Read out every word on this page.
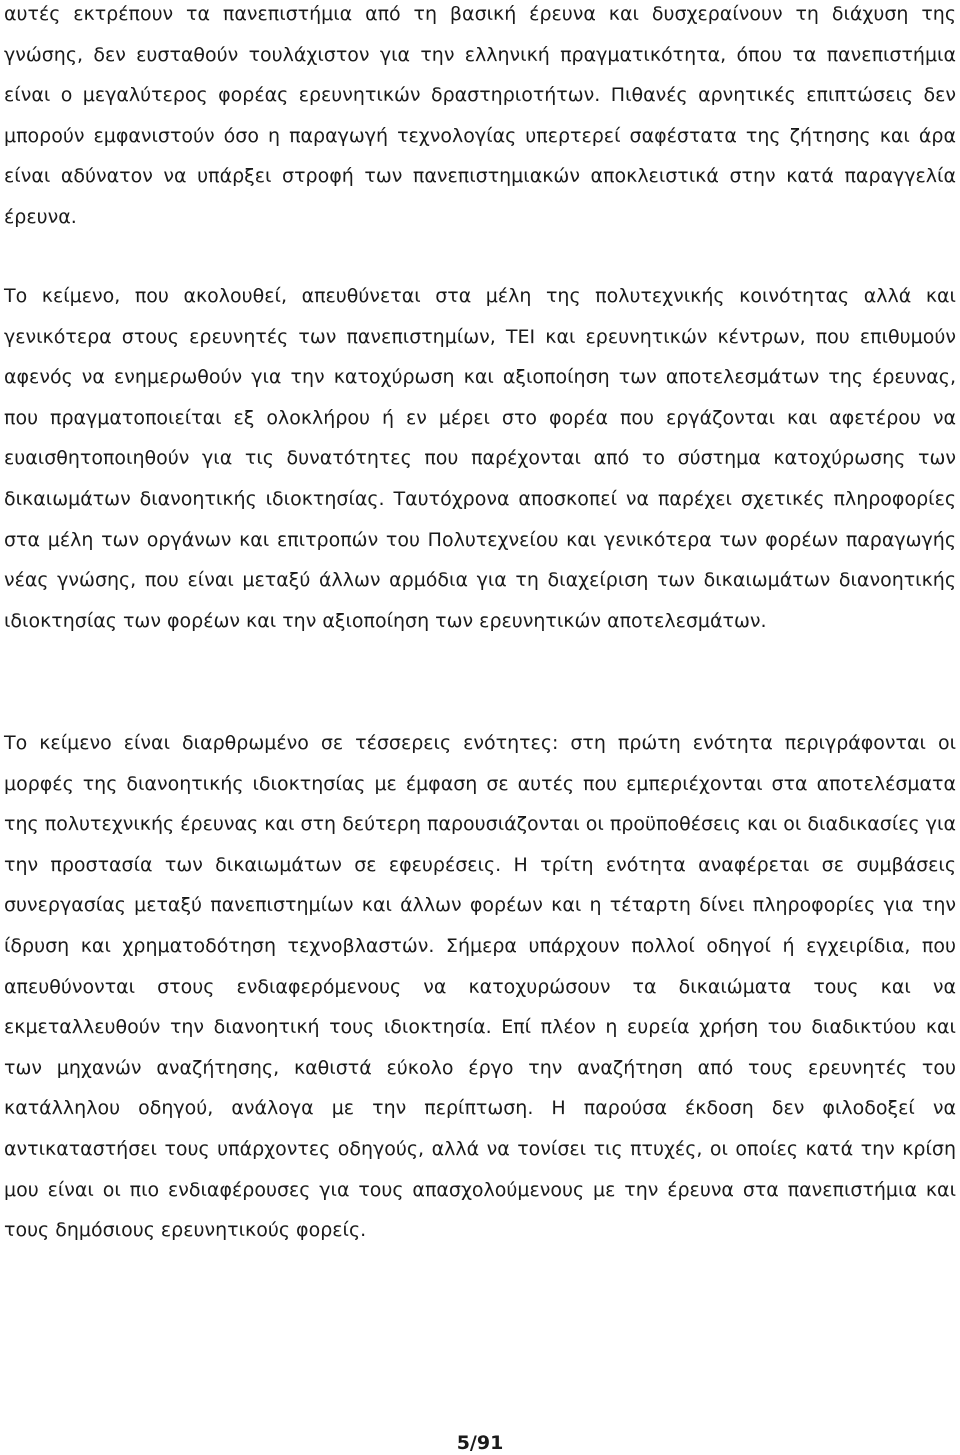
αυτές εκτρέπουν τα πανεπιστήμια από τη βασική έρευνα και δυσχεραίνουν τη διάχυση της γνώσης, δεν ευσταθούν τουλάχιστον για την ελληνική πραγματικότητα, όπου τα πανεπιστήμια είναι ο μεγαλύτερος φορέας ερευνητικών δραστηριοτήτων. Πιθανές αρνητικές επιπτώσεις δεν μπορούν εμφανιστούν όσο η παραγωγή τεχνολογίας υπερτερεί σαφέστατα της ζήτησης και άρα είναι αδύνατον να υπάρξει στροφή των πανεπιστημιακών αποκλειστικά στην κατά παραγγελία έρευνα.

Το κείμενο, που ακολουθεί, απευθύνεται στα μέλη της πολυτεχνικής κοινότητας αλλά και γενικότερα στους ερευνητές των πανεπιστημίων, ΤΕΙ και ερευνητικών κέντρων, που επιθυμούν αφενός να ενημερωθούν για την κατοχύρωση και αξιοποίηση των αποτελεσμάτων της έρευνας, που πραγματοποιείται εξ ολοκλήρου ή εν μέρει στο φορέα που εργάζονται και αφετέρου να ευαισθητοποιηθούν για τις δυνατότητες που παρέχονται από το σύστημα κατοχύρωσης των δικαιωμάτων διανοητικής ιδιοκτησίας. Ταυτόχρονα αποσκοπεί να παρέχει σχετικές πληροφορίες στα μέλη των οργάνων και επιτροπών του Πολυτεχνείου και γενικότερα των φορέων παραγωγής νέας γνώσης, που είναι μεταξύ άλλων αρμόδια για τη διαχείριση των δικαιωμάτων διανοητικής ιδιοκτησίας των φορέων και την αξιοποίηση των ερευνητικών αποτελεσμάτων.

Το κείμενο είναι διαρθρωμένο σε τέσσερεις ενότητες: στη πρώτη ενότητα περιγράφονται οι μορφές της διανοητικής ιδιοκτησίας με έμφαση σε αυτές που εμπεριέχονται στα αποτελέσματα της πολυτεχνικής έρευνας και στη δεύτερη παρουσιάζονται οι προϋποθέσεις και οι διαδικασίες για την προστασία των δικαιωμάτων σε εφευρέσεις. Η τρίτη ενότητα αναφέρεται σε συμβάσεις συνεργασίας μεταξύ πανεπιστημίων και άλλων φορέων και η τέταρτη δίνει πληροφορίες για την ίδρυση και χρηματοδότηση τεχνοβλαστών. Σήμερα υπάρχουν πολλοί οδηγοί ή εγχειρίδια, που απευθύνονται στους ενδιαφερόμενους να κατοχυρώσουν τα δικαιώματα τους και να εκμεταλλευθούν την διανοητική τους ιδιοκτησία. Επί πλέον η ευρεία χρήση του διαδικτύου και των μηχανών αναζήτησης, καθιστά εύκολο έργο την αναζήτηση από τους ερευνητές του κατάλληλου οδηγού, ανάλογα με την περίπτωση. Η παρούσα έκδοση δεν φιλοδοξεί να αντικαταστήσει τους υπάρχοντες οδηγούς, αλλά να τονίσει τις πτυχές, οι οποίες κατά την κρίση μου είναι οι πιο ενδιαφέρουσες για τους απασχολούμενους με την έρευνα στα πανεπιστήμια και τους δημόσιους ερευνητικούς φορείς.

5/91
